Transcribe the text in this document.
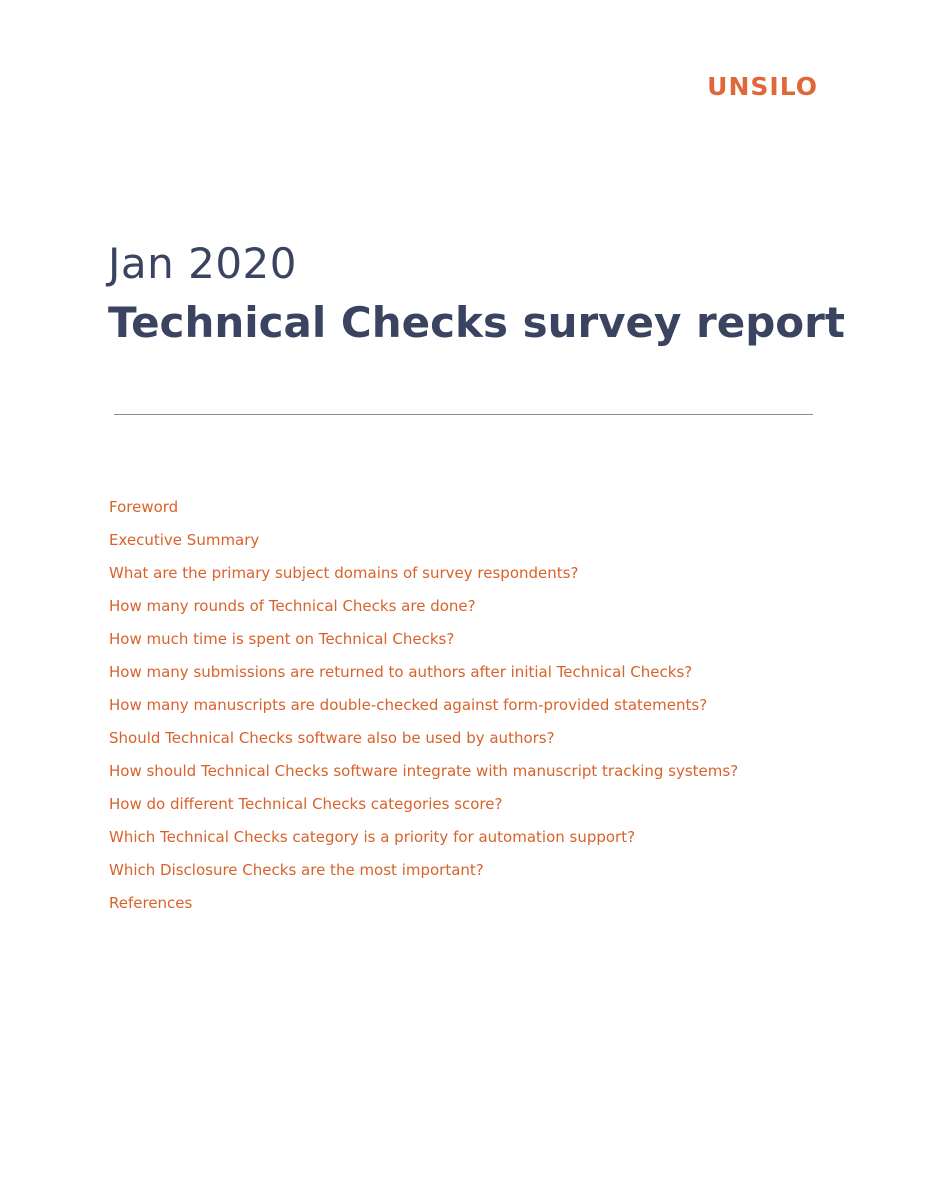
UNSILO
Jan 2020
Technical Checks survey report
Foreword
Executive Summary
What are the primary subject domains of survey respondents?
How many rounds of Technical Checks are done?
How much time is spent on Technical Checks?
How many submissions are returned to authors after initial Technical Checks?
How many manuscripts are double-checked against form-provided statements?
Should Technical Checks software also be used by authors?
How should Technical Checks software integrate with manuscript tracking systems?
How do different Technical Checks categories score?
Which Technical Checks category is a priority for automation support?
Which Disclosure Checks are the most important?
References
